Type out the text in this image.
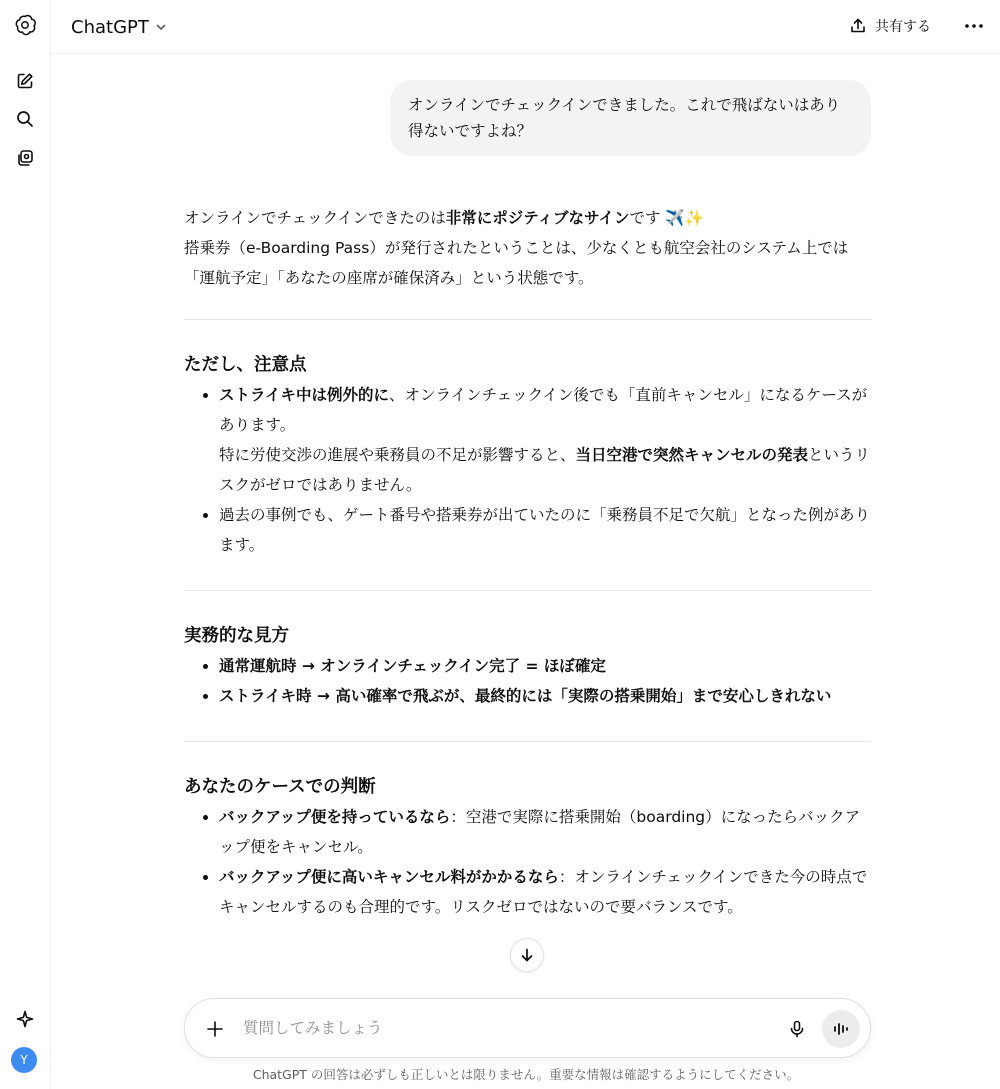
Y
ChatGPT	共有する
オンラインでチェックインできました。これで飛ばないはあり得ないですよね？

オンラインでチェックインできたのは非常にポジティブなサインです ✈️✨

搭乗券（e-Boarding Pass）が発行されたということは、少なくとも航空会社のシステム上では「運航予定」「あなたの座席が確保済み」という状態です。

ただし、注意点

• ストライキ中は例外的に、オンラインチェックイン後でも「直前キャンセル」になるケースがあります。
特に労使交渉の進展や乗務員の不足が影響すると、当日空港で突然キャンセルの発表というリスクがゼロではありません。
• 過去の事例でも、ゲート番号や搭乗券が出ていたのに「乗務員不足で欠航」となった例があります。

実務的な見方

• 通常運航時 → オンラインチェックイン完了 = ほぼ確定
• ストライキ時 → 高い確率で飛ぶが、最終的には「実際の搭乗開始」まで安心しきれない

あなたのケースでの判断

• バックアップ便を持っているなら：空港で実際に搭乗開始（boarding）になったらバックアップ便をキャンセル。
• バックアップ便に高いキャンセル料がかかるなら：オンラインチェックインできた今の時点でキャンセルするのも合理的です。リスクゼロではないので要バランスです。
質問してみましょう
ChatGPT の回答は必ずしも正しいとは限りません。重要な情報は確認するようにしてください。
